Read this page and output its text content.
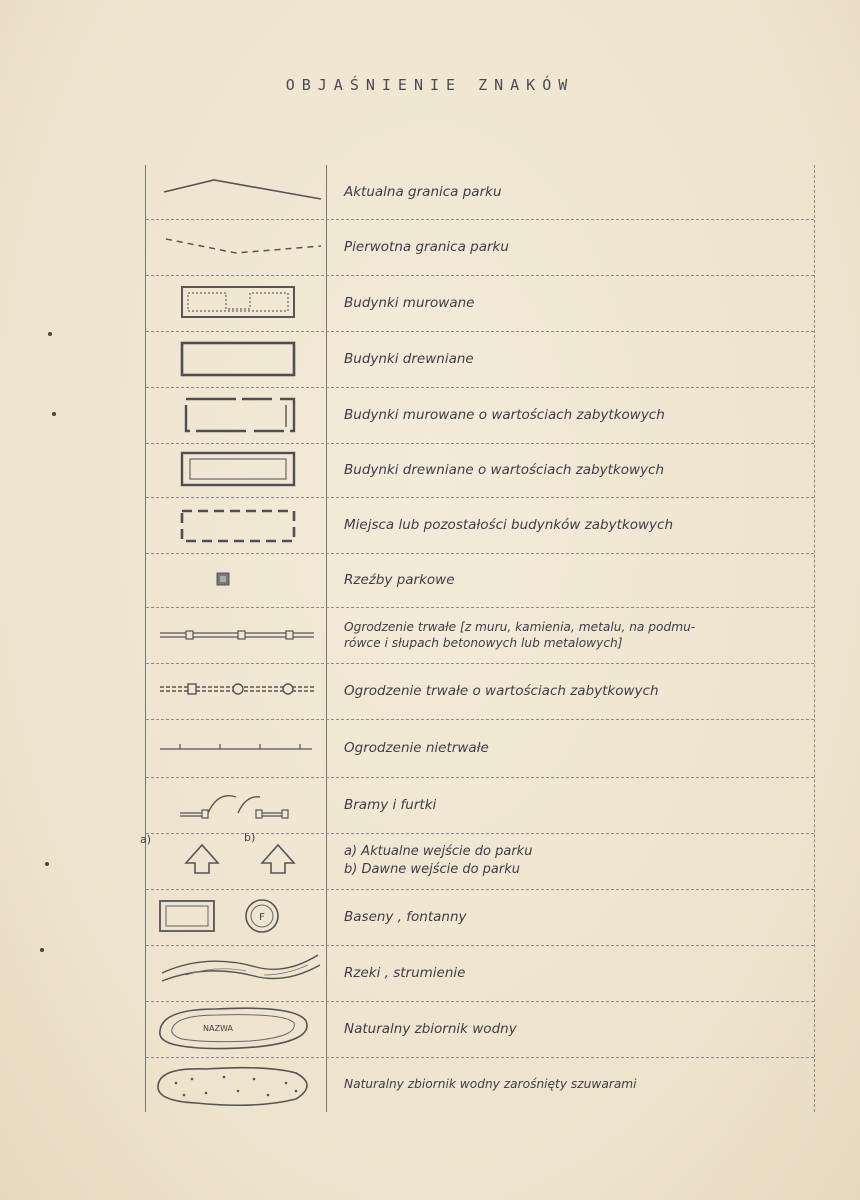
OBJAŚNIENIE ZNAKÓW
Aktualna granica parku
Pierwotna granica parku
Budynki murowane
Budynki drewniane
Budynki murowane o wartościach zabytkowych
Budynki drewniane o wartościach zabytkowych
Miejsca lub pozostałości budynków zabytkowych
Rzeźby parkowe
Ogrodzenie trwałe [z muru, kamienia, metalu, na podmu-
rówce i słupach betonowych lub metalowych]
Ogrodzenie trwałe o wartościach zabytkowych
Ogrodzenie nietrwałe
Bramy i furtki
a)	b)
a) Aktualne wejście do parku
b) Dawne wejście do parku
F	Baseny , fontanny
Rzeki , strumienie
NAZWA	Naturalny zbiornik wodny
Naturalny zbiornik wodny zarośnięty szuwarami
